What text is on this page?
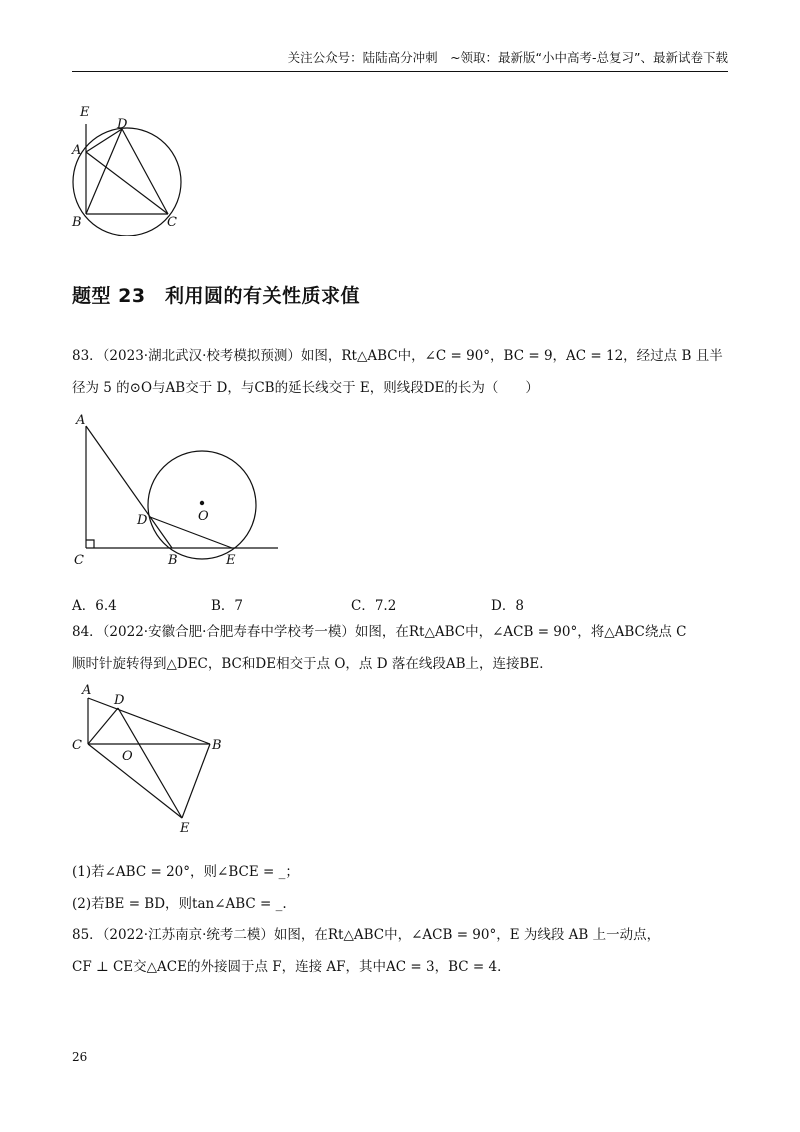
关注公众号：陆陆高分冲刺　~领取：最新版“小中高考-总复习”、最新试卷下载
E
D
A
B	C
题型 23　利用圆的有关性质求值
83．（2023·湖北武汉·校考模拟预测）如图，Rt△ABC中，∠C = 90°，BC = 9，AC = 12，经过点 B 且半
径为 5 的⊙O与AB交于 D，与CB的延长线交于 E，则线段DE的长为（　　）
A
D	O
C	B	E
A．6.4	B．7	C．7.2	D．8
84．（2022·安徽合肥·合肥寿春中学校考一模）如图，在Rt△ABC中，∠ACB = 90°，将△ABC绕点 C
顺时针旋转得到△DEC，BC和DE相交于点 O，点 D 落在线段AB上，连接BE．
A
D
C
O
B
E
(1)若∠ABC = 20°，则∠BCE = _；
(2)若BE = BD，则tan∠ABC = _.
85．（2022·江苏南京·统考二模）如图，在Rt△ABC中，∠ACB = 90°，E 为线段 AB 上一动点，
CF ⊥ CE交△ACE的外接圆于点 F，连接 AF，其中AC = 3，BC = 4．
26
